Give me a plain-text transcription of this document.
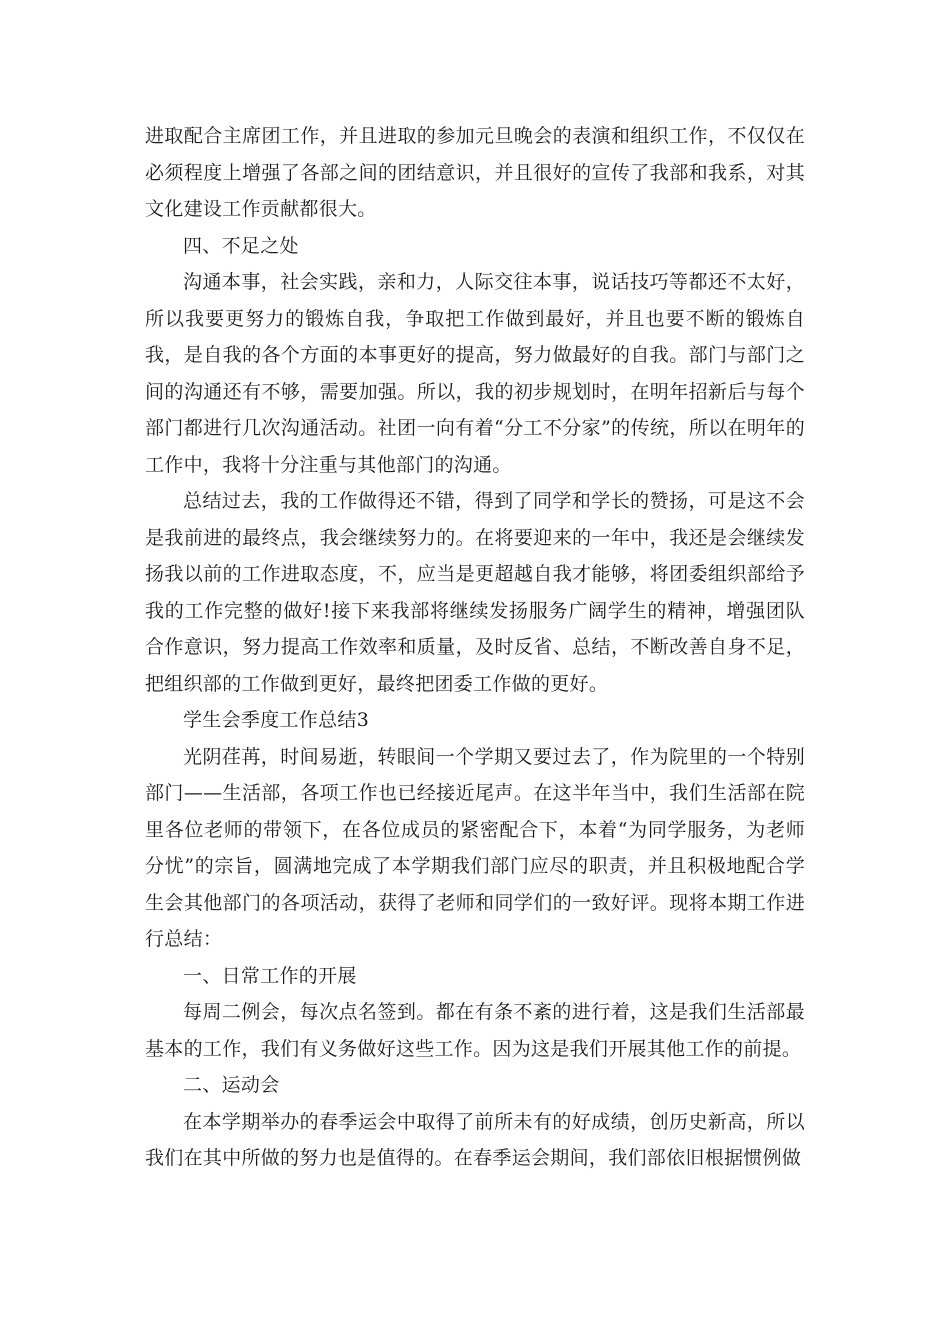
进取配合主席团工作，并且进取的参加元旦晚会的表演和组织工作，不仅仅在必须程度上增强了各部之间的团结意识，并且很好的宣传了我部和我系，对其文化建设工作贡献都很大。

四、不足之处

沟通本事，社会实践，亲和力，人际交往本事，说话技巧等都还不太好，所以我要更努力的锻炼自我，争取把工作做到最好，并且也要不断的锻炼自我，是自我的各个方面的本事更好的提高，努力做最好的自我。部门与部门之间的沟通还有不够，需要加强。所以，我的初步规划时，在明年招新后与每个部门都进行几次沟通活动。社团一向有着“分工不分家”的传统，所以在明年的工作中，我将十分注重与其他部门的沟通。

总结过去，我的工作做得还不错，得到了同学和学长的赞扬，可是这不会是我前进的最终点，我会继续努力的。在将要迎来的一年中，我还是会继续发扬我以前的工作进取态度，不，应当是更超越自我才能够，将团委组织部给予我的工作完整的做好!接下来我部将继续发扬服务广阔学生的精神，增强团队合作意识，努力提高工作效率和质量，及时反省、总结，不断改善自身不足，把组织部的工作做到更好，最终把团委工作做的更好。

学生会季度工作总结3

光阴荏苒，时间易逝，转眼间一个学期又要过去了，作为院里的一个特别部门——生活部，各项工作也已经接近尾声。在这半年当中，我们生活部在院里各位老师的带领下，在各位成员的紧密配合下，本着“为同学服务，为老师分忧”的宗旨，圆满地完成了本学期我们部门应尽的职责，并且积极地配合学生会其他部门的各项活动，获得了老师和同学们的一致好评。现将本期工作进行总结：

一、日常工作的开展

每周二例会，每次点名签到。都在有条不紊的进行着，这是我们生活部最基本的工作，我们有义务做好这些工作。因为这是我们开展其他工作的前提。

二、运动会

在本学期举办的春季运会中取得了前所未有的好成绩，创历史新高，所以我们在其中所做的努力也是值得的。在春季运会期间，我们部依旧根据惯例做
